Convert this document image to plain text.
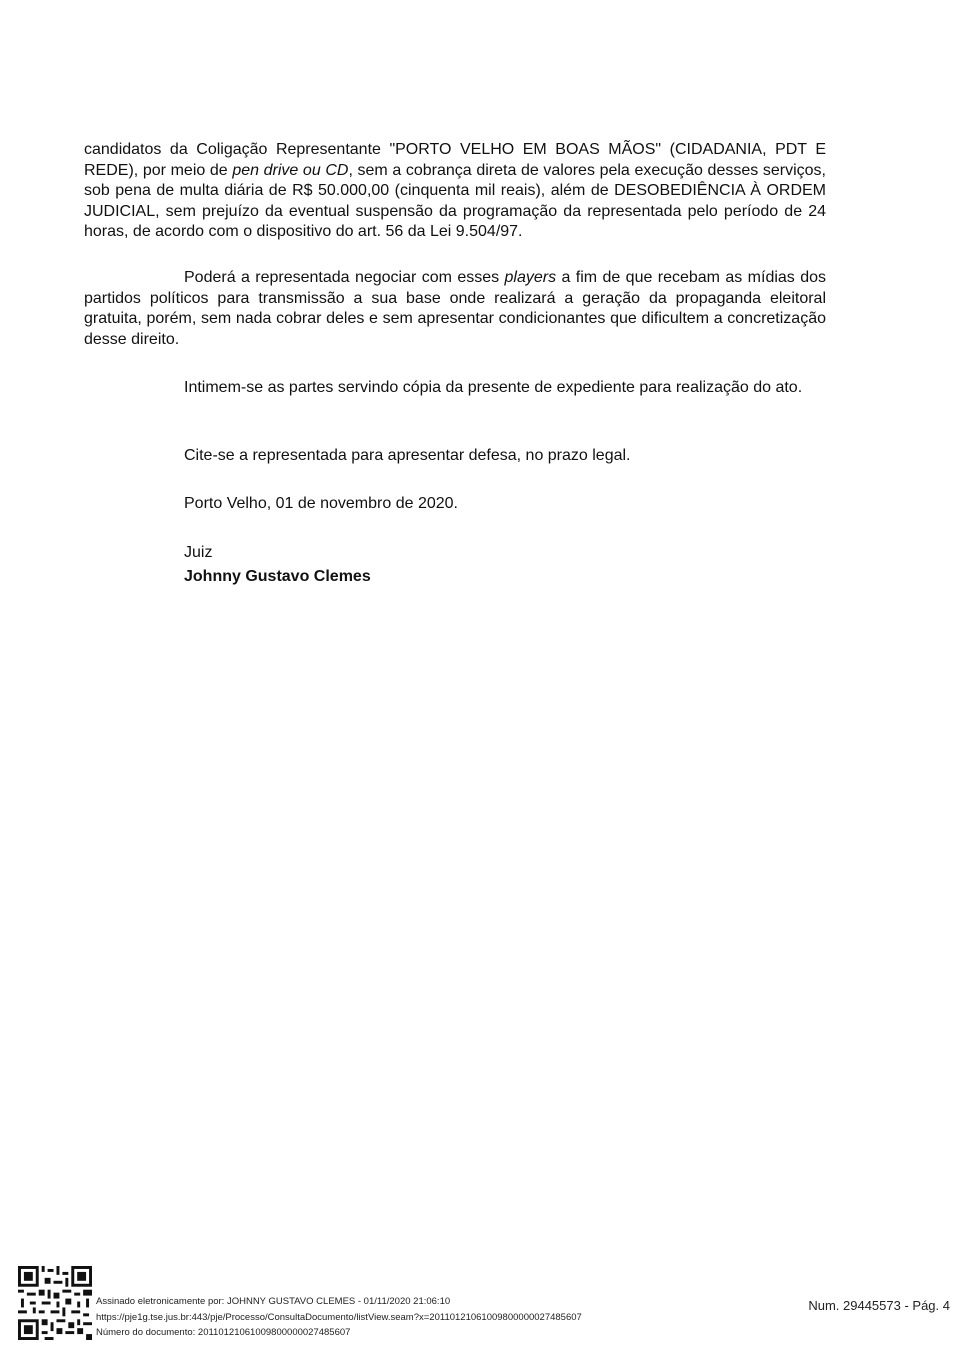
candidatos da Coligação Representante "PORTO VELHO EM BOAS MÃOS" (CIDADANIA, PDT E REDE), por meio de pen drive ou CD, sem a cobrança direta de valores pela execução desses serviços, sob pena de multa diária de R$ 50.000,00 (cinquenta mil reais), além de DESOBEDIÊNCIA À ORDEM JUDICIAL, sem prejuízo da eventual suspensão da programação da representada pelo período de 24 horas, de acordo com o dispositivo do art. 56 da Lei 9.504/97.
Poderá a representada negociar com esses players a fim de que recebam as mídias dos partidos políticos para transmissão a sua base onde realizará a geração da propaganda eleitoral gratuita, porém, sem nada cobrar deles e sem apresentar condicionantes que dificultem a concretização desse direito.
Intimem-se as partes servindo cópia da presente de expediente para realização do ato.
Cite-se a representada para apresentar defesa, no prazo legal.
Porto Velho, 01 de novembro de 2020.
Juiz
Johnny Gustavo Clemes
Assinado eletronicamente por: JOHNNY GUSTAVO CLEMES - 01/11/2020 21:06:10
https://pje1g.tse.jus.br:443/pje/Processo/ConsultaDocumento/listView.seam?x=20110121061009800000027485607
Número do documento: 20110121061009800000027485607
Num. 29445573 - Pág. 4
